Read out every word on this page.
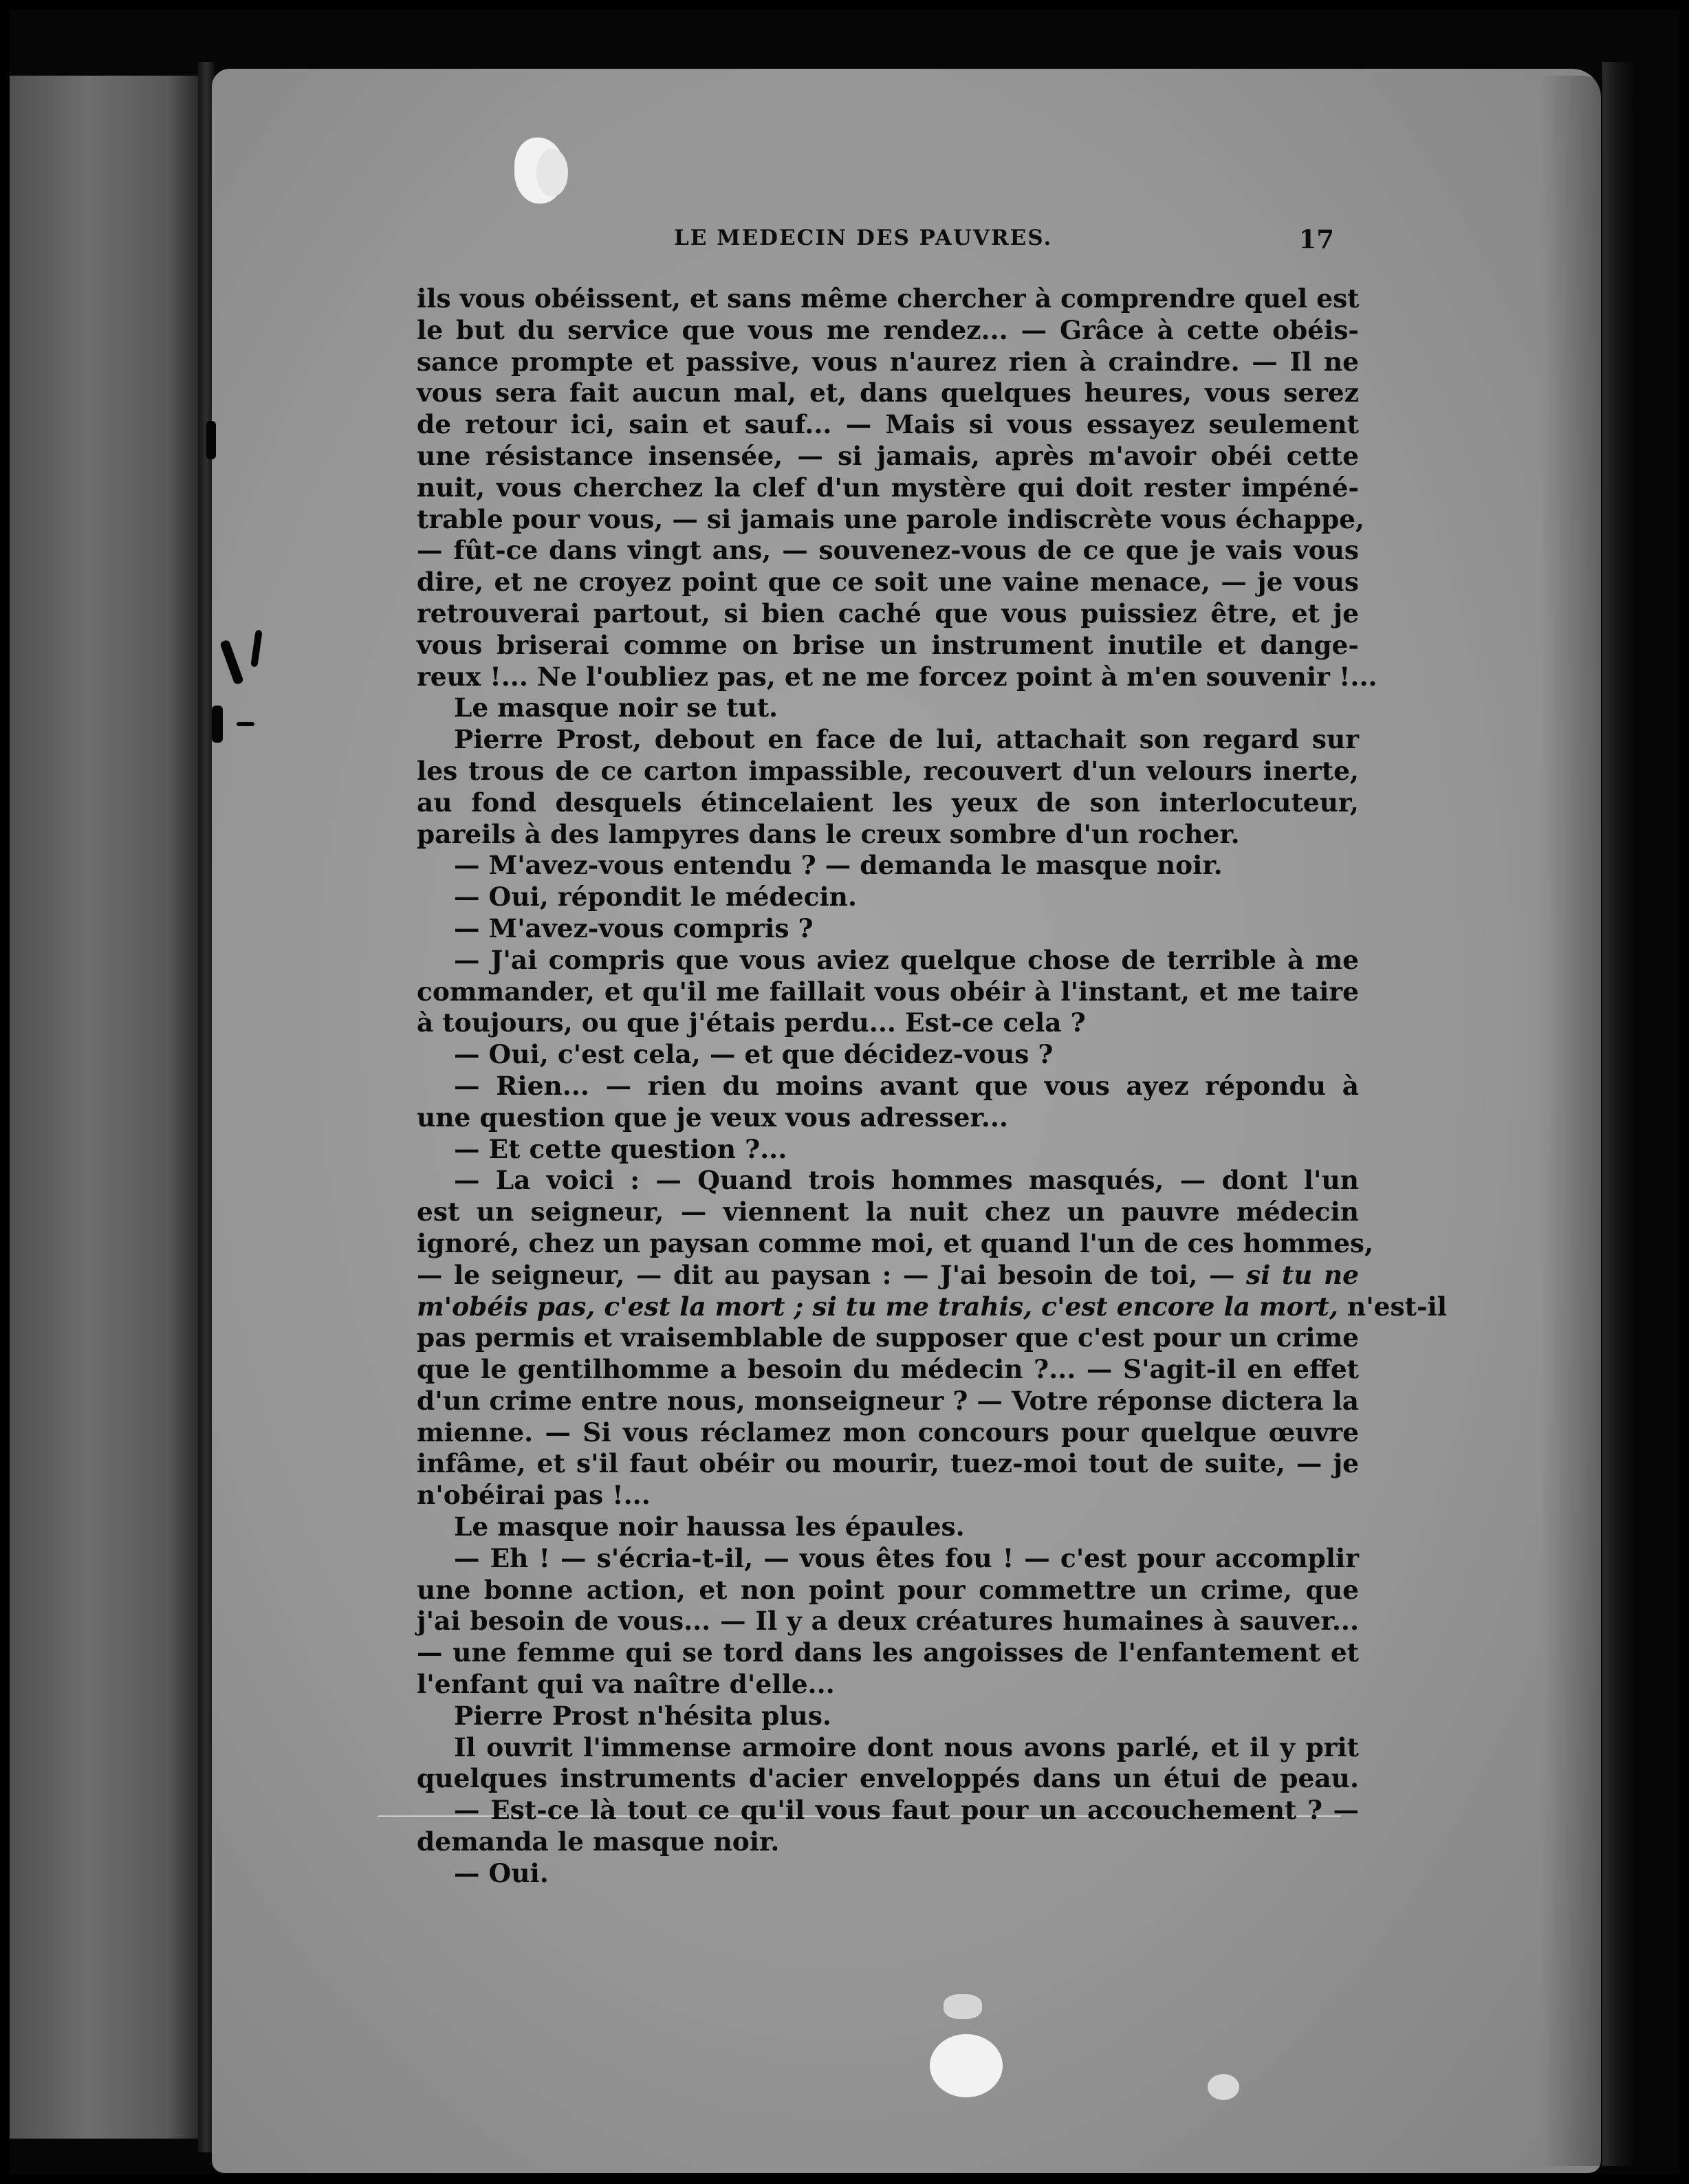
LE MEDECIN DES PAUVRES.	17
ils vous obéissent, et sans même chercher à comprendre quel est
le but du service que vous me rendez... — Grâce à cette obéis-
sance prompte et passive, vous n'aurez rien à craindre. — Il ne
vous sera fait aucun mal, et, dans quelques heures, vous serez
de retour ici, sain et sauf... — Mais si vous essayez seulement
une résistance insensée, — si jamais, après m'avoir obéi cette
nuit, vous cherchez la clef d'un mystère qui doit rester impéné-
trable pour vous, — si jamais une parole indiscrète vous échappe,
— fût-ce dans vingt ans, — souvenez-vous de ce que je vais vous
dire, et ne croyez point que ce soit une vaine menace, — je vous
retrouverai partout, si bien caché que vous puissiez être, et je
vous briserai comme on brise un instrument inutile et dange-
reux !... Ne l'oubliez pas, et ne me forcez point à m'en souvenir !...
Le masque noir se tut.
Pierre Prost, debout en face de lui, attachait son regard sur
les trous de ce carton impassible, recouvert d'un velours inerte,
au fond desquels étincelaient les yeux de son interlocuteur,
pareils à des lampyres dans le creux sombre d'un rocher.
— M'avez-vous entendu ? — demanda le masque noir.
— Oui, répondit le médecin.
— M'avez-vous compris ?
— J'ai compris que vous aviez quelque chose de terrible à me
commander, et qu'il me faillait vous obéir à l'instant, et me taire
à toujours, ou que j'étais perdu... Est-ce cela ?
— Oui, c'est cela, — et que décidez-vous ?
— Rien... — rien du moins avant que vous ayez répondu à
une question que je veux vous adresser...
— Et cette question ?...
— La voici : — Quand trois hommes masqués, — dont l'un
est un seigneur, — viennent la nuit chez un pauvre médecin
ignoré, chez un paysan comme moi, et quand l'un de ces hommes,
— le seigneur, — dit au paysan : — J'ai besoin de toi, — si tu ne
m'obéis pas, c'est la mort ; si tu me trahis, c'est encore la mort, n'est-il
pas permis et vraisemblable de supposer que c'est pour un crime
que le gentilhomme a besoin du médecin ?... — S'agit-il en effet
d'un crime entre nous, monseigneur ? — Votre réponse dictera la
mienne. — Si vous réclamez mon concours pour quelque œuvre
infâme, et s'il faut obéir ou mourir, tuez-moi tout de suite, — je
n'obéirai pas !...
Le masque noir haussa les épaules.
— Eh ! — s'écria-t-il, — vous êtes fou ! — c'est pour accomplir
une bonne action, et non point pour commettre un crime, que
j'ai besoin de vous... — Il y a deux créatures humaines à sauver...
— une femme qui se tord dans les angoisses de l'enfantement et
l'enfant qui va naître d'elle...
Pierre Prost n'hésita plus.
Il ouvrit l'immense armoire dont nous avons parlé, et il y prit
quelques instruments d'acier enveloppés dans un étui de peau.
— Est-ce là tout ce qu'il vous faut pour un accouchement ? —
demanda le masque noir.
— Oui.
